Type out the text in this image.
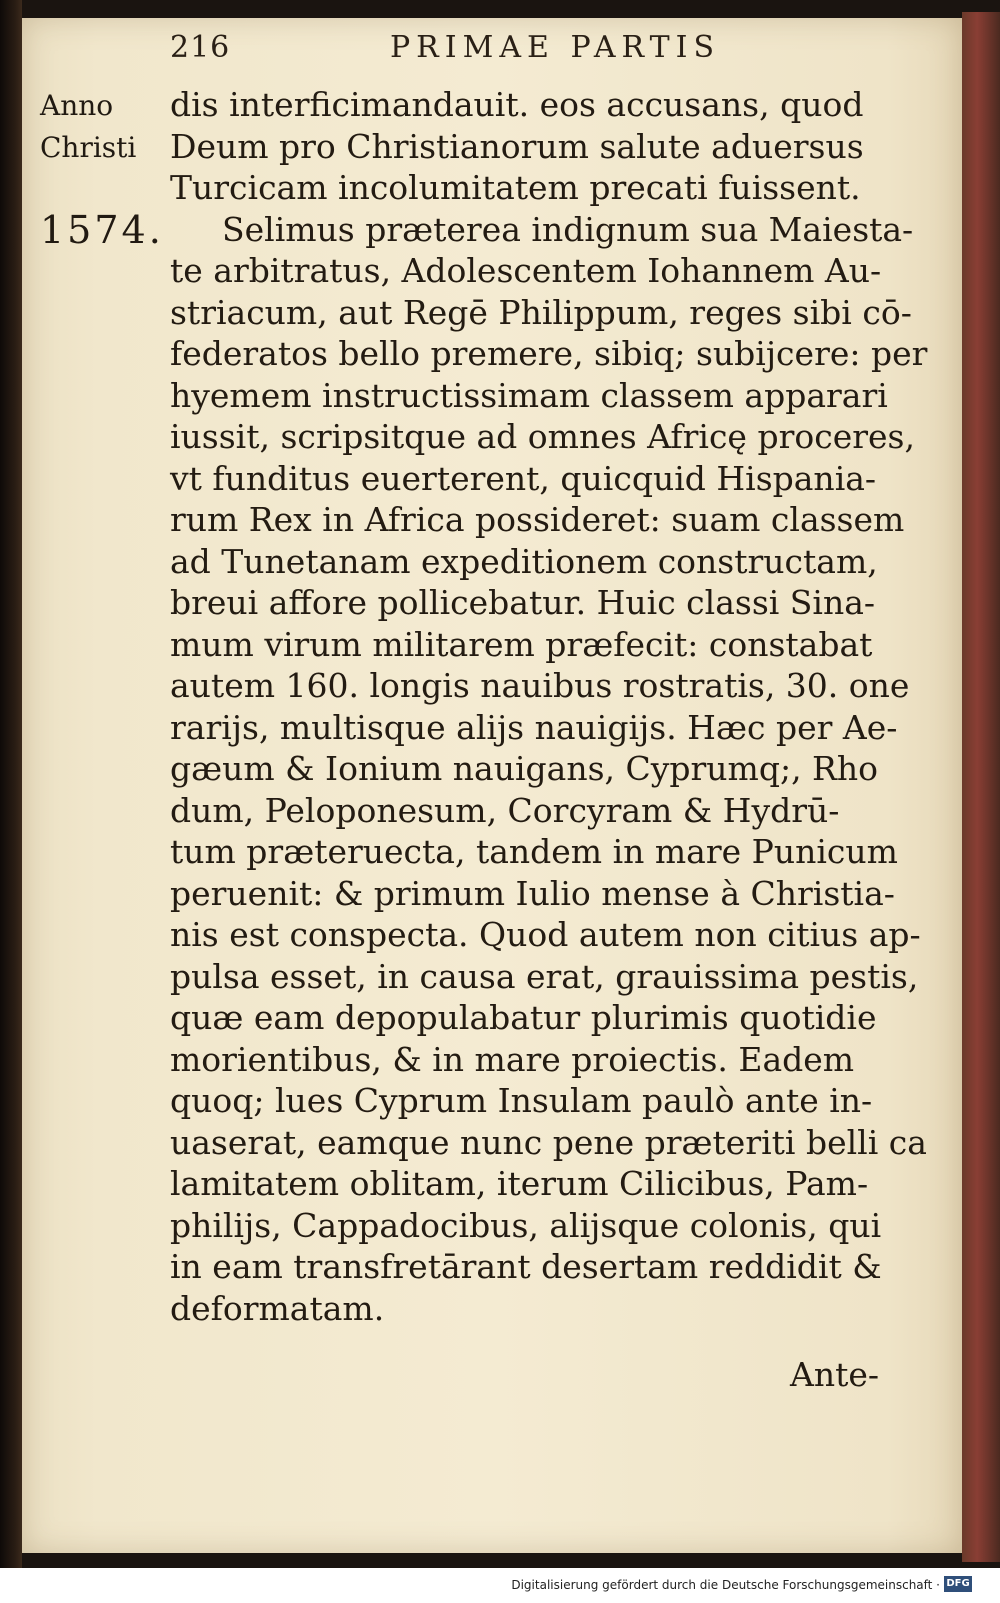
216	PRIMAE PARTIS
Anno
Christi
1574.
dis interficimandauit. eos accusans, quod
Deum pro Christianorum salute aduersus
Turcicam incolumitatem precati fuissent.
Selimus præterea indignum sua Maiesta-
te arbitratus, Adolescentem Iohannem Au-
striacum, aut Regē Philippum, reges sibi cō-
federatos bello premere, sibiq; subijcere: per
hyemem instructissimam classem apparari
iussit, scripsitque ad omnes Africę proceres,
vt funditus euerterent, quicquid Hispania-
rum Rex in Africa possideret: suam classem
ad Tunetanam expeditionem constructam,
breui affore pollicebatur. Huic classi Sina-
mum virum militarem præfecit: constabat
autem 160. longis nauibus rostratis, 30. one
rarijs, multisque alijs nauigijs. Hæc per Ae-
gæum & Ionium nauigans, Cyprumq;, Rho
dum, Peloponesum, Corcyram & Hydrū-
tum præteruecta, tandem in mare Punicum
peruenit: & primum Iulio mense à Christia-
nis est conspecta. Quod autem non citius ap-
pulsa esset, in causa erat, grauissima pestis,
quæ eam depopulabatur plurimis quotidie
morientibus, & in mare proiectis. Eadem
quoq; lues Cyprum Insulam paulò ante in-
uaserat, eamque nunc pene præteriti belli ca
lamitatem oblitam, iterum Cilicibus, Pam-
philijs, Cappadocibus, alijsque colonis, qui
in eam transfretārant desertam reddidit &
deformatam.
Ante-
Digitalisierung gefördert durch die Deutsche Forschungsgemeinschaft · DFG
